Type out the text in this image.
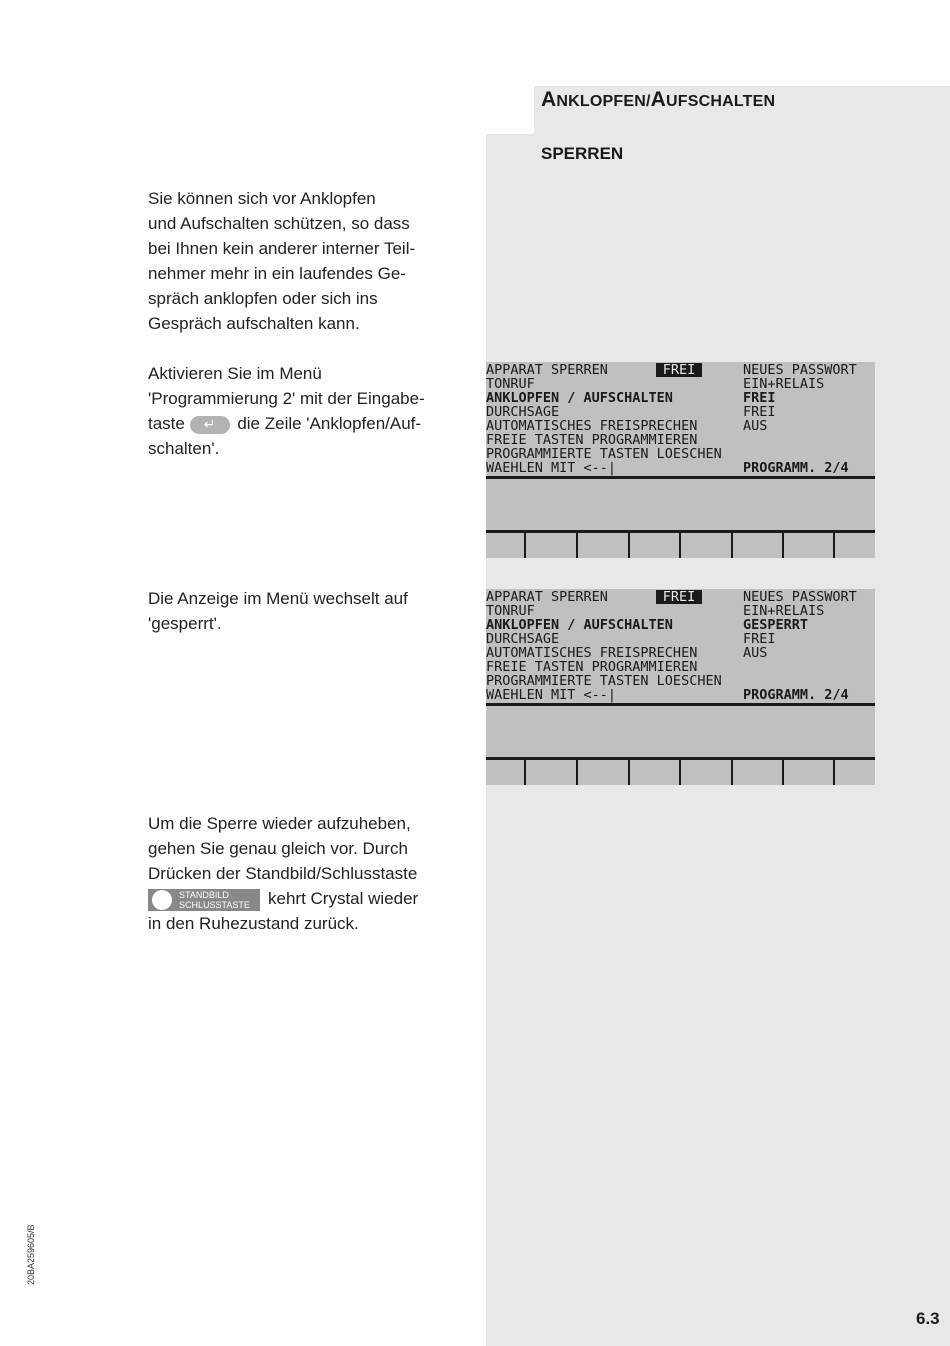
ANKLOPFEN/AUFSCHALTEN
SPERREN

Sie können sich vor Anklopfen
und Aufschalten schützen, so dass
bei Ihnen kein anderer interner Teil-
nehmer mehr in ein laufendes Ge-
spräch anklopfen oder sich ins
Gespräch aufschalten kann.

Aktivieren Sie im Menü
'Programmierung 2' mit der Eingabe-
taste ↵ die Zeile 'Anklopfen/Auf-
schalten'.

Die Anzeige im Menü wechselt auf
'gesperrt'.

Um die Sperre wieder aufzuheben,
gehen Sie genau gleich vor. Durch
Drücken der Standbild/Schlusstaste
STANDBILD
SCHLUSSTASTE kehrt Crystal wieder
in den Ruhezustand zurück.

APPARAT SPERREN	FREI	NEUES PASSWORT
TONRUF	EIN+RELAIS
ANKLOPFEN / AUFSCHALTEN	FREI
DURCHSAGE	FREI
AUTOMATISCHES FREISPRECHEN	AUS
FREIE TASTEN PROGRAMMIEREN
PROGRAMMIERTE TASTEN LOESCHEN
WAEHLEN MIT <--|	PROGRAMM. 2/4
APPARAT SPERREN	FREI	NEUES PASSWORT
TONRUF	EIN+RELAIS
ANKLOPFEN / AUFSCHALTEN	GESPERRT
DURCHSAGE	FREI
AUTOMATISCHES FREISPRECHEN	AUS
FREIE TASTEN PROGRAMMIEREN
PROGRAMMIERTE TASTEN LOESCHEN
WAEHLEN MIT <--|	PROGRAMM. 2/4
20BA259605/B
6.3
